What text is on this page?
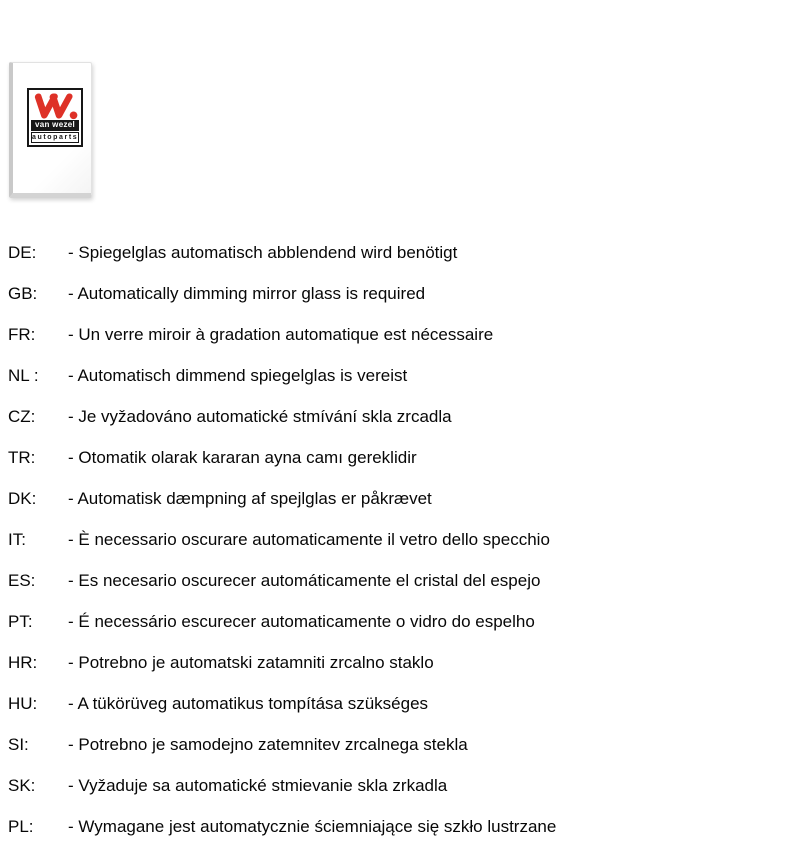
van wezel
autoparts
DE:	- Spiegelglas automatisch abblendend wird benötigt
GB:	- Automatically dimming mirror glass is required
FR:	- Un verre miroir à gradation automatique est nécessaire
NL :	- Automatisch dimmend spiegelglas is vereist
CZ:	- Je vyžadováno automatické stmívání skla zrcadla
TR:	- Otomatik olarak kararan ayna camı gereklidir
DK:	- Automatisk dæmpning af spejlglas er påkrævet
IT:	- È necessario oscurare automaticamente il vetro dello specchio
ES:	- Es necesario oscurecer automáticamente el cristal del espejo
PT:	- É necessário escurecer automaticamente o vidro do espelho
HR:	- Potrebno je automatski zatamniti zrcalno staklo
HU:	- A tükörüveg automatikus tompítása szükséges
SI:	- Potrebno je samodejno zatemnitev zrcalnega stekla
SK:	- Vyžaduje sa automatické stmievanie skla zrkadla
PL:	- Wymagane jest automatycznie ściemniające się szkło lustrzane
